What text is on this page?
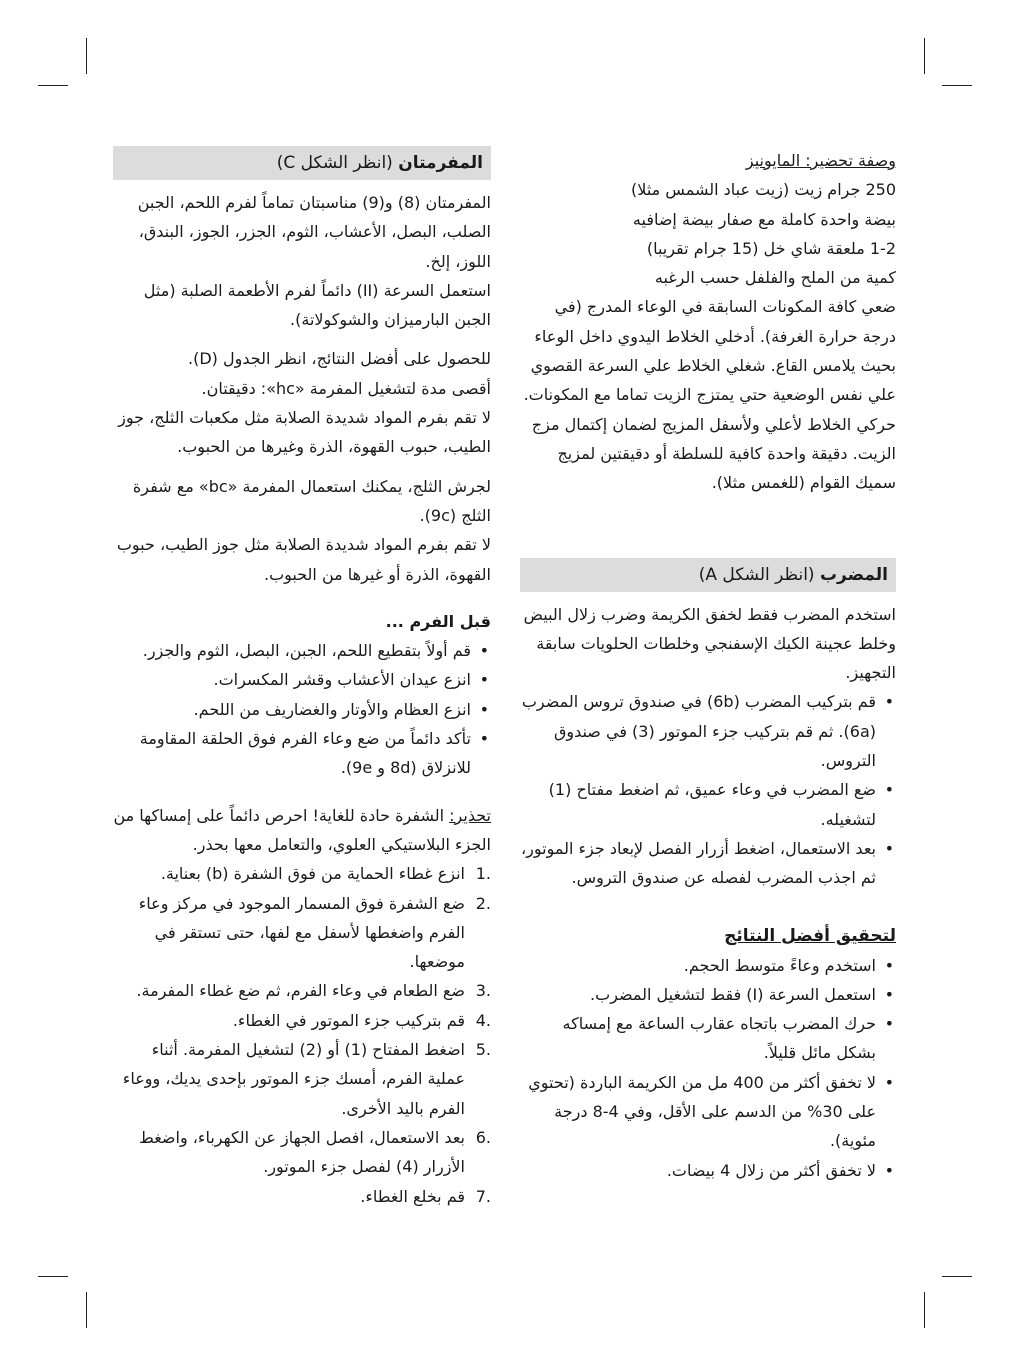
وصفة تحضير: المايونيز

250 جرام زيت (زيت عباد الشمس مثلا)

بيضة واحدة كاملة مع صفار بيضة إضافيه

1-2 ملعقة شاي خل (15 جرام تقريبا)

كمية من الملح والفلفل حسب الرغبه

ضعي كافة المكونات السابقة في الوعاء المدرج (في درجة حرارة الغرفة). أدخلي الخلاط اليدوي داخل الوعاء بحيث يلامس القاع. شغلي الخلاط علي السرعة القصوي علي نفس الوضعية حتي يمتزج الزيت تماما مع المكونات. حركي الخلاط لأعلي ولأسفل المزيج لضمان إكتمال مزج الزيت. دقيقة واحدة كافية للسلطة أو دقيقتين لمزيج سميك القوام (للغمس مثلا).

المضرب (انظر الشكل A)

استخدم المضرب فقط لخفق الكريمة وضرب زلال البيض وخلط عجينة الكيك الإسفنجي وخلطات الحلويات سابقة التجهيز.

• قم بتركيب المضرب (6b) في صندوق تروس المضرب (6a). ثم قم بتركيب جزء الموتور (3) في صندوق التروس.
• ضع المضرب في وعاء عميق، ثم اضغط مفتاح (1) لتشغيله.
• بعد الاستعمال، اضغط أزرار الفصل لإبعاد جزء الموتور، ثم اجذب المضرب لفصله عن صندوق التروس.
لتحقيق أفضل النتائج
• استخدم وعاءً متوسط الحجم.
• استعمل السرعة (I) فقط لتشغيل المضرب.
• حرك المضرب باتجاه عقارب الساعة مع إمساكه بشكل مائل قليلاً.
• لا تخفق أكثر من 400 مل من الكريمة الباردة (تحتوي على 30% من الدسم على الأقل، وفي 4-8 درجة مئوية).
• لا تخفق أكثر من زلال 4 بيضات.
المفرمتان (انظر الشكل C)

المفرمتان (8) و(9) مناسبتان تماماً لفرم اللحم، الجبن الصلب، البصل، الأعشاب، الثوم، الجزر، الجوز، البندق، اللوز، إلخ.

استعمل السرعة (II) دائماً لفرم الأطعمة الصلبة (مثل الجبن البارميزان والشوكولاتة).

للحصول على أفضل النتائج، انظر الجدول (D).

أقصى مدة لتشغيل المفرمة «hc»: دقيقتان.

لا تقم بفرم المواد شديدة الصلابة مثل مكعبات الثلج، جوز الطيب، حبوب القهوة، الذرة وغيرها من الحبوب.

لجرش الثلج، يمكنك استعمال المفرمة «bc» مع شفرة الثلج (9c).

لا تقم بفرم المواد شديدة الصلابة مثل جوز الطيب، حبوب القهوة، الذرة أو غيرها من الحبوب.

قبل الفرم ...
• قم أولاً بتقطيع اللحم، الجبن، البصل، الثوم والجزر.
• انزع عيدان الأعشاب وقشر المكسرات.
• انزع العظام والأوتار والغضاريف من اللحم.
• تأكد دائماً من ضع وعاء الفرم فوق الحلقة المقاومة للانزلاق (8d و 9e).

تحذير: الشفرة حادة للغاية! احرص دائماً على إمساكها من الجزء البلاستيكي العلوي، والتعامل معها بحذر.

1.
انزع غطاء الحماية من فوق الشفرة (b) بعناية.
2.
ضع الشفرة فوق المسمار الموجود في مركز وعاء الفرم واضغطها لأسفل مع لفها، حتى تستقر في موضعها.
3.
ضع الطعام في وعاء الفرم، ثم ضع غطاء المفرمة.
4.
قم بتركيب جزء الموتور في الغطاء.
5.
اضغط المفتاح (1) أو (2) لتشغيل المفرمة. أثناء عملية الفرم، أمسك جزء الموتور بإحدى يديك، ووعاء الفرم باليد الأخرى.
6.
بعد الاستعمال، افصل الجهاز عن الكهرباء، واضغط الأزرار (4) لفصل جزء الموتور.
7.
قم بخلع الغطاء.
